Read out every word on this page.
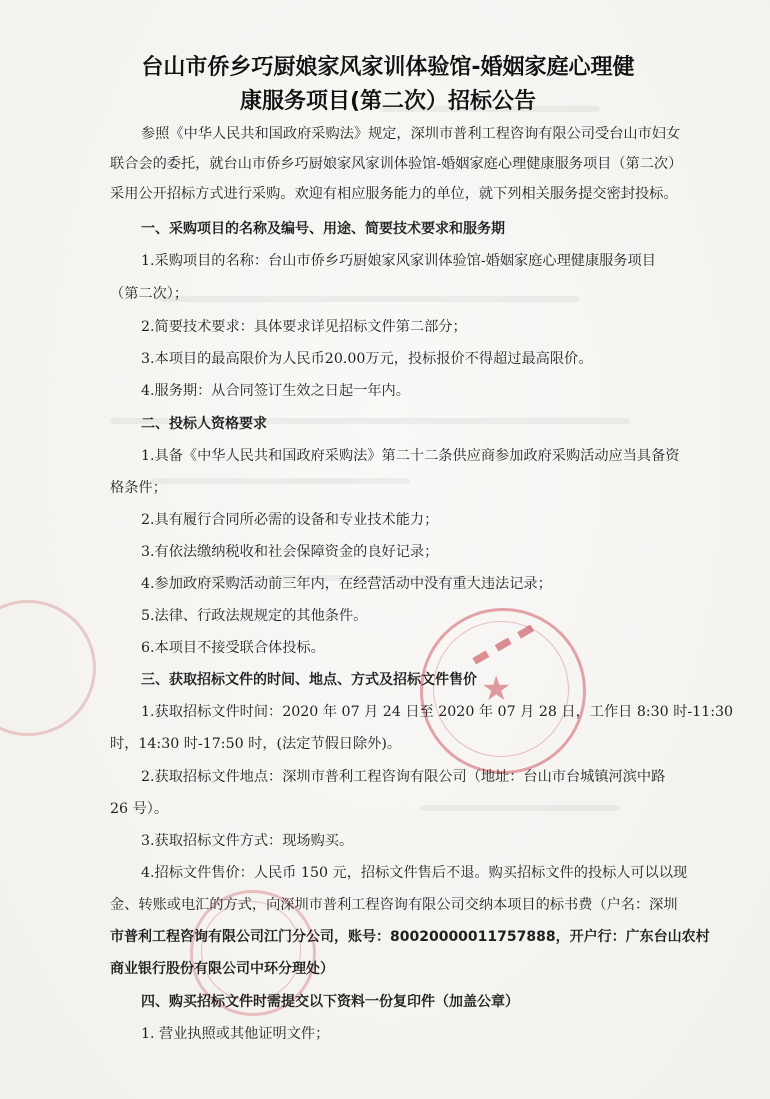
★
▬ ▬ ▬
台山市侨乡巧厨娘家风家训体验馆-婚姻家庭心理健
康服务项目(第二次）招标公告
参照《中华人民共和国政府采购法》规定，深圳市普利工程咨询有限公司受台山市妇女
联合会的委托，就台山市侨乡巧厨娘家风家训体验馆-婚姻家庭心理健康服务项目（第二次）
采用公开招标方式进行采购。欢迎有相应服务能力的单位，就下列相关服务提交密封投标。
一、采购项目的名称及编号、用途、简要技术要求和服务期
1.采购项目的名称：台山市侨乡巧厨娘家风家训体验馆-婚姻家庭心理健康服务项目
（第二次）；
2.简要技术要求：具体要求详见招标文件第二部分；
3.本项目的最高限价为人民币20.00万元，投标报价不得超过最高限价。
4.服务期：从合同签订生效之日起一年内。
二、投标人资格要求
1.具备《中华人民共和国政府采购法》第二十二条供应商参加政府采购活动应当具备资
格条件；
2.具有履行合同所必需的设备和专业技术能力；
3.有依法缴纳税收和社会保障资金的良好记录；
4.参加政府采购活动前三年内，在经营活动中没有重大违法记录；
5.法律、行政法规规定的其他条件。
6.本项目不接受联合体投标。
三、获取招标文件的时间、地点、方式及招标文件售价
1.获取招标文件时间：2020 年 07 月 24 日至 2020 年 07 月 28 日，工作日 8:30 时-11:30
时，14:30 时-17:50 时，(法定节假日除外)。
2.获取招标文件地点：深圳市普利工程咨询有限公司（地址：台山市台城镇河滨中路
26 号）。
3.获取招标文件方式：现场购买。
4.招标文件售价：人民币 150 元，招标文件售后不退。购买招标文件的投标人可以以现
金、转账或电汇的方式，向深圳市普利工程咨询有限公司交纳本项目的标书费（户名：深圳
市普利工程咨询有限公司江门分公司，账号：80020000011757888，开户行：广东台山农村
商业银行股份有限公司中环分理处）
四、购买招标文件时需提交以下资料一份复印件（加盖公章）
1. 营业执照或其他证明文件；
